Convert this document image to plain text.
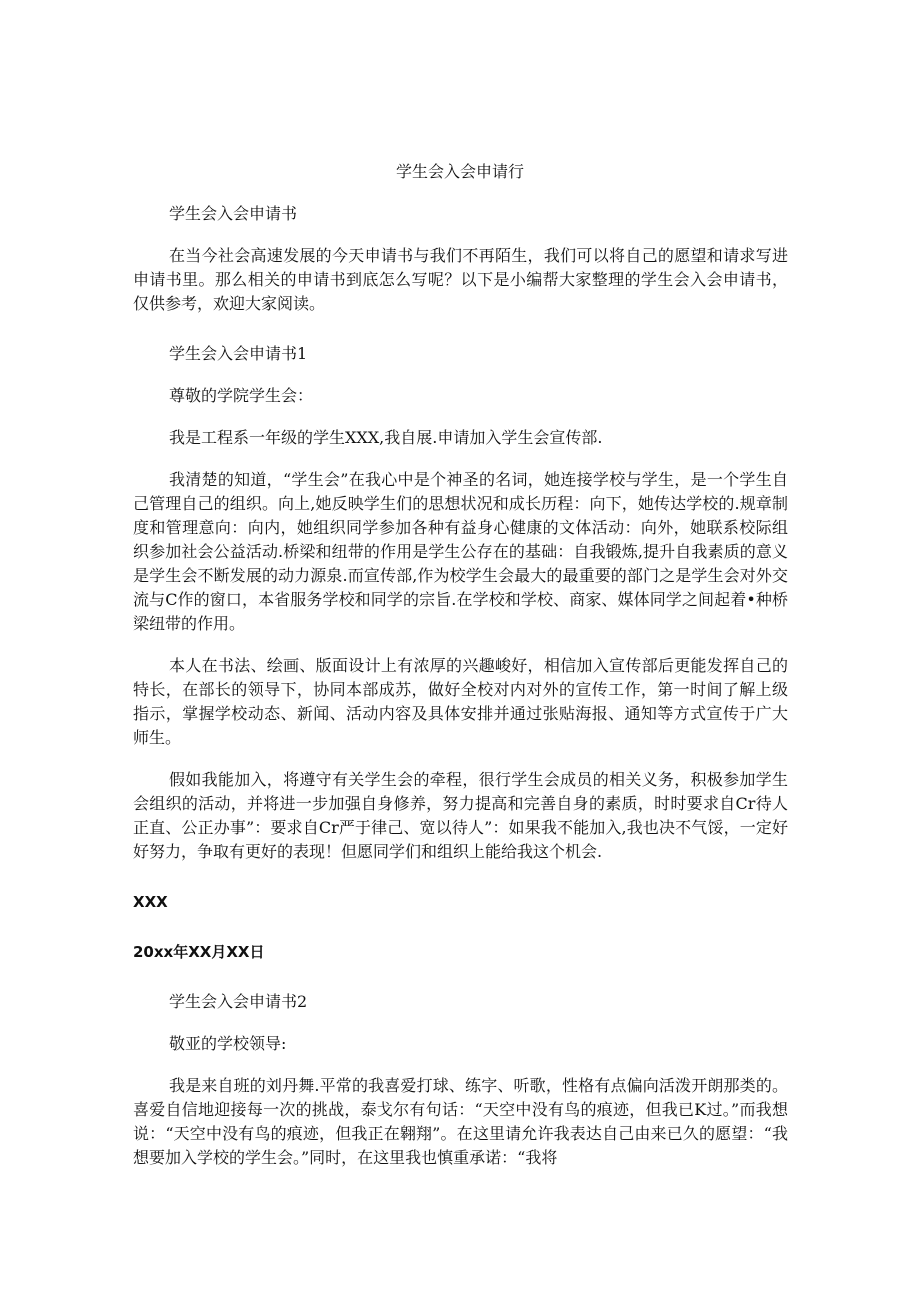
学生会入会申请行

学生会入会申请书

在当今社会高速发展的今天申请书与我们不再陌生，我们可以将自己的愿望和请求写进申请书里。那么相关的申请书到底怎么写呢？以下是小编帮大家整理的学生会入会申请书，仅供参考，欢迎大家阅读。

学生会入会申请书1

尊敬的学院学生会：

我是工程系一年级的学生XXX,我自展.申请加入学生会宣传部.

我清楚的知道，“学生会”在我心中是个神圣的名词，她连接学校与学生，是一个学生自己管理自己的组织。向上,她反映学生们的思想状况和成长历程：向下，她传达学校的.规章制度和管理意向：向内，她组织同学参加各种有益身心健康的文体活动：向外，她联系校际组织参加社会公益活动.桥梁和纽带的作用是学生公存在的基础：自我锻炼,提升自我素质的意义是学生会不断发展的动力源泉.而宣传部,作为校学生会最大的最重要的部门之是学生会对外交流与C作的窗口，本省服务学校和同学的宗旨.在学校和学校、商家、媒体同学之间起着•种桥梁纽带的作用。

本人在书法、绘画、版面设计上有浓厚的兴趣峻好，相信加入宣传部后更能发挥自己的特长，在部长的领导下，协同本部成苏，做好全校对内对外的宣传工作，第一时间了解上级指示，掌握学校动态、新闻、活动内容及具体安排并通过张贴海报、通知等方式宣传于广大师生。

假如我能加入，将遵守有关学生会的牵程，很行学生会成员的相关义务，积极参加学生会组织的活动，并将进一步加强自身修养，努力提高和完善自身的素质，时时要求自Cr待人正直、公正办事”：要求自Cr严于律己、宽以待人”：如果我不能加入,我也决不气馁，一定好好努力，争取有更好的表现！但愿同学们和组织上能给我这个机会.

XXX

20xx年XX月XX日

学生会入会申请书2

敬亚的学校领导:

我是来自班的刘丹舞.平常的我喜爱打球、练字、听歌，性格有点偏向活泼开朗那类的。喜爱自信地迎接每一次的挑战，泰戈尔有句话：“天空中没有鸟的痕迹，但我已K过。”而我想说：“天空中没有鸟的痕迹，但我正在翱翔”。在这里请允许我表达自己由来已久的愿望：“我想要加入学校的学生会。”同时，在这里我也慎重承诺：“我将
